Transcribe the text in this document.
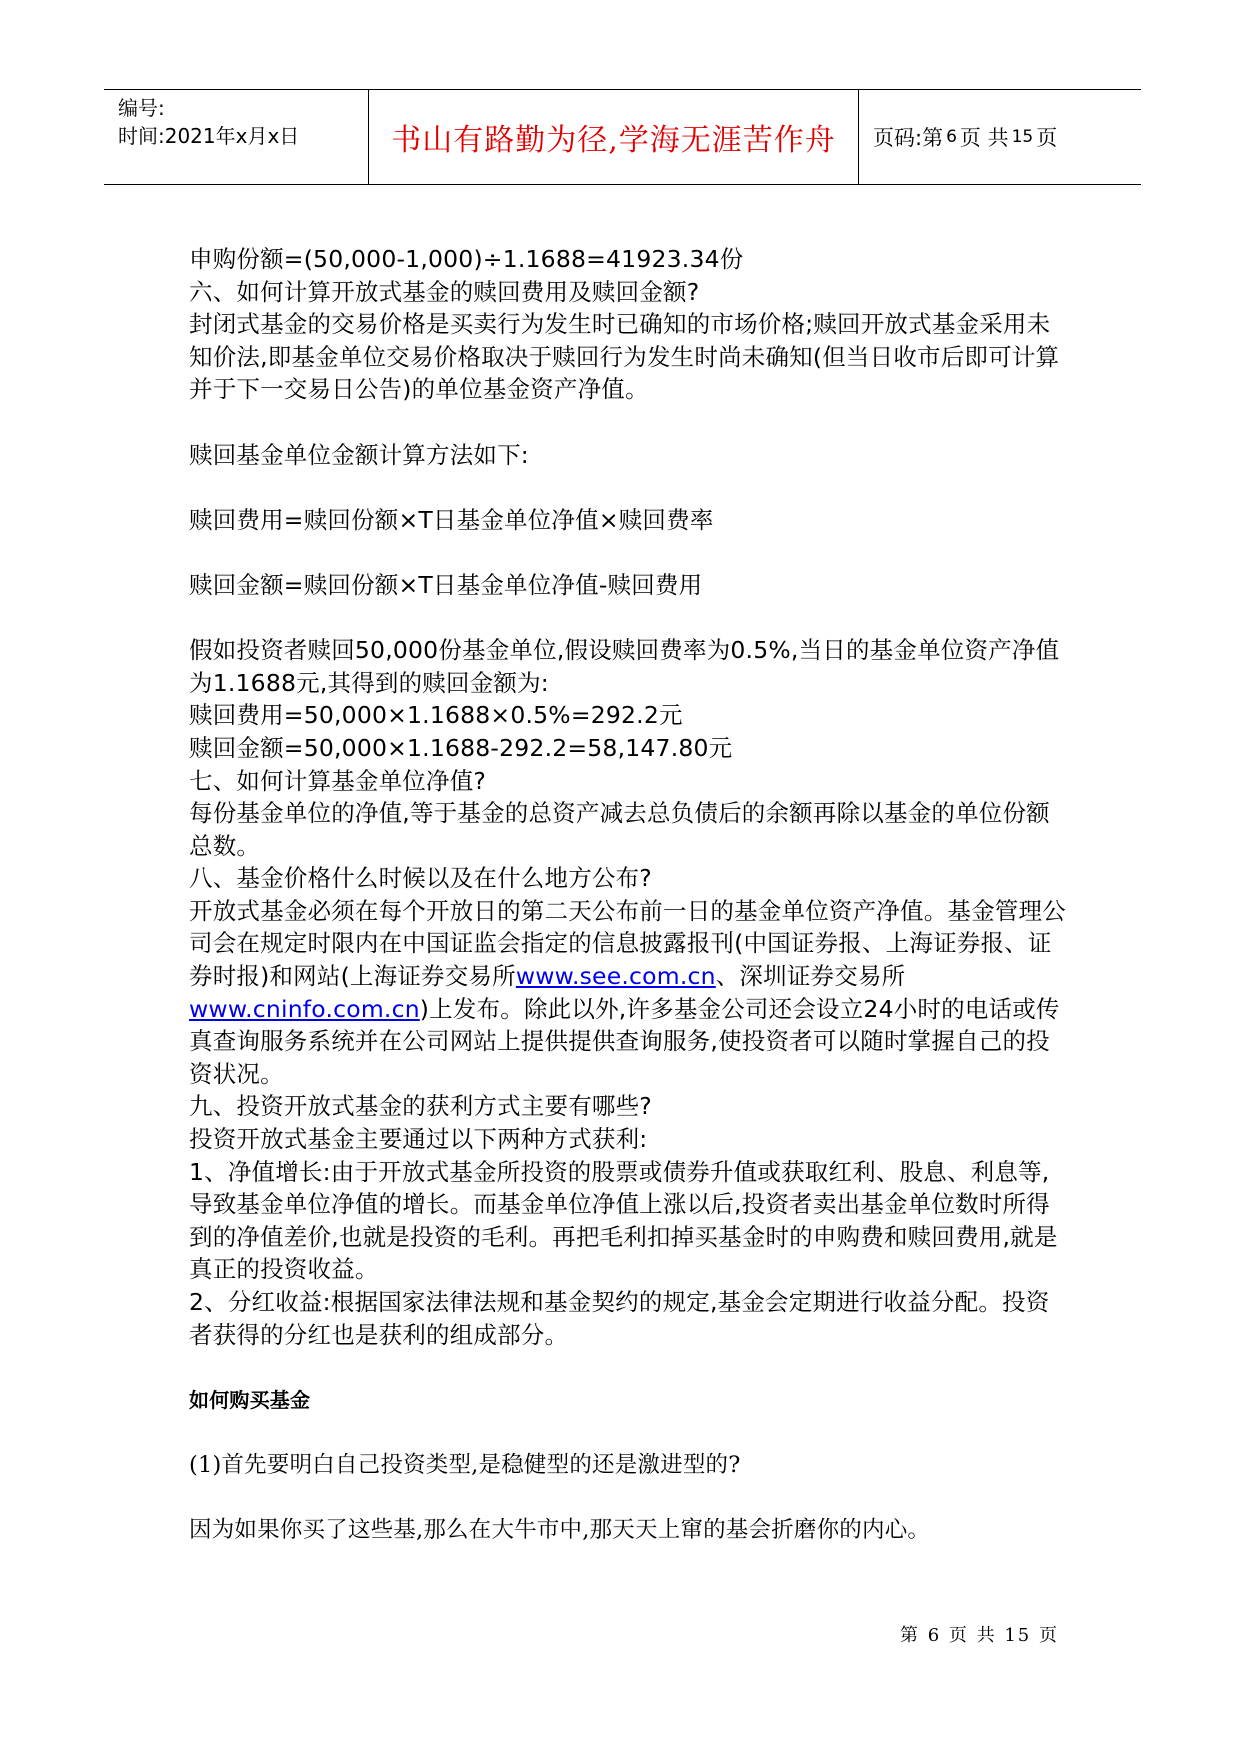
编号:
时间:2021年x月x日	书山有路勤为径,学海无涯苦作舟 页码:第 6 页 共 15 页

申购份额=(50,000-1,000)÷1.1688=41923.34份

六、如何计算开放式基金的赎回费用及赎回金额?

封闭式基金的交易价格是买卖行为发生时已确知的市场价格;赎回开放式基金采用未知价法,即基金单位交易价格取决于赎回行为发生时尚未确知(但当日收市后即可计算并于下一交易日公告)的单位基金资产净值。

赎回基金单位金额计算方法如下:

赎回费用=赎回份额×T日基金单位净值×赎回费率

赎回金额=赎回份额×T日基金单位净值-赎回费用

假如投资者赎回50,000份基金单位,假设赎回费率为0.5%,当日的基金单位资产净值为1.1688元,其得到的赎回金额为:

赎回费用=50,000×1.1688×0.5%=292.2元

赎回金额=50,000×1.1688-292.2=58,147.80元

七、如何计算基金单位净值?

每份基金单位的净值,等于基金的总资产减去总负债后的余额再除以基金的单位份额总数。

八、基金价格什么时候以及在什么地方公布?

开放式基金必须在每个开放日的第二天公布前一日的基金单位资产净值。基金管理公司会在规定时限内在中国证监会指定的信息披露报刊(中国证券报、上海证券报、证券时报)和网站(上海证券交易所www.see.com.cn、深圳证券交易所www.cninfo.com.cn)上发布。除此以外,许多基金公司还会设立24小时的电话或传真查询服务系统并在公司网站上提供提供查询服务,使投资者可以随时掌握自己的投资状况。

九、投资开放式基金的获利方式主要有哪些?

投资开放式基金主要通过以下两种方式获利:

1、净值增长:由于开放式基金所投资的股票或债券升值或获取红利、股息、利息等,导致基金单位净值的增长。而基金单位净值上涨以后,投资者卖出基金单位数时所得到的净值差价,也就是投资的毛利。再把毛利扣掉买基金时的申购费和赎回费用,就是真正的投资收益。

2、分红收益:根据国家法律法规和基金契约的规定,基金会定期进行收益分配。投资者获得的分红也是获利的组成部分。

如何购买基金

(1)首先要明白自己投资类型,是稳健型的还是激进型的?

因为如果你买了这些基,那么在大牛市中,那天天上窜的基会折磨你的内心。

第 6 页 共 15 页
